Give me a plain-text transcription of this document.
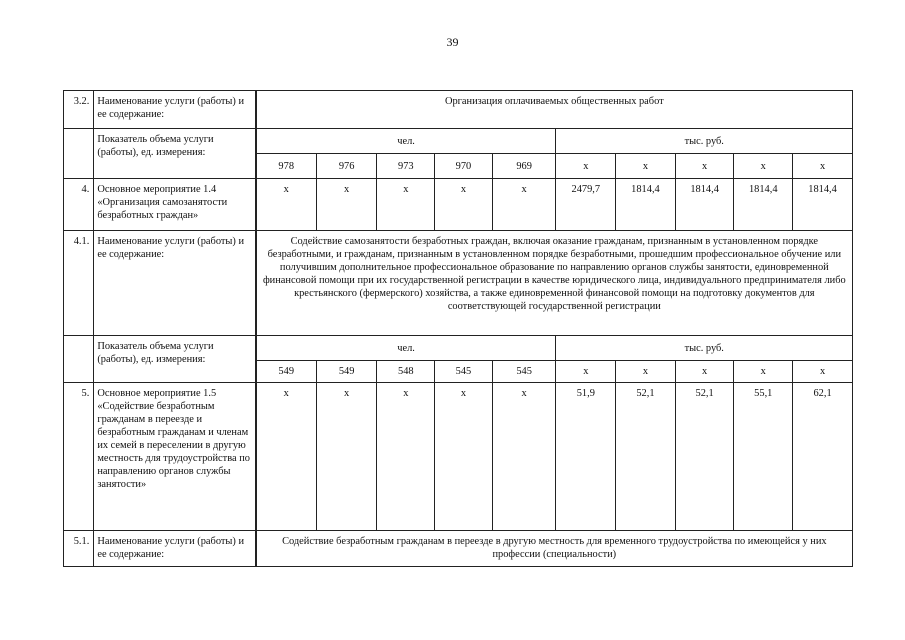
39
3.2.	Наименование услуги (работы) и ее содержание:	Организация оплачиваемых общественных работ									
	Показатель объема услуги (работы), ед. измерения:	чел.					тыс. руб.				
		978	976	973	970	969	x	x	x	x	x
4.	Основное мероприятие 1.4 «Организация самозанятости безработных граждан»	x	x	x	x	x	2479,7	1814,4	1814,4	1814,4	1814,4
4.1.	Наименование услуги (работы) и ее содержание:	Содействие самозанятости безработных граждан, включая оказание гражданам, признанным в установленном порядке безработными, и гражданам, признанным в установленном порядке безработными, прошедшим профессиональное обучение или получившим дополнительное профессиональное образование по направлению органов службы занятости, единовременной финансовой помощи при их государственной регистрации в качестве юридического лица, индивидуального предпринимателя либо крестьянского (фермерского) хозяйства, а также единовременной финансовой помощи на подготовку документов для соответствующей государственной регистрации									
	Показатель объема услуги (работы), ед. измерения:	чел.					тыс. руб.				
		549	549	548	545	545	x	x	x	x	x
5.	Основное мероприятие 1.5 «Содействие безработным гражданам в переезде и безработным гражданам и членам их семей в переселении в другую местность для трудоустройства по направлению органов службы занятости»	x	x	x	x	x	51,9	52,1	52,1	55,1	62,1
5.1.	Наименование услуги (работы) и ее содержание:	Содействие безработным гражданам в переезде в другую местность для временного трудоустройства по имеющейся у них профессии (специальности)									
